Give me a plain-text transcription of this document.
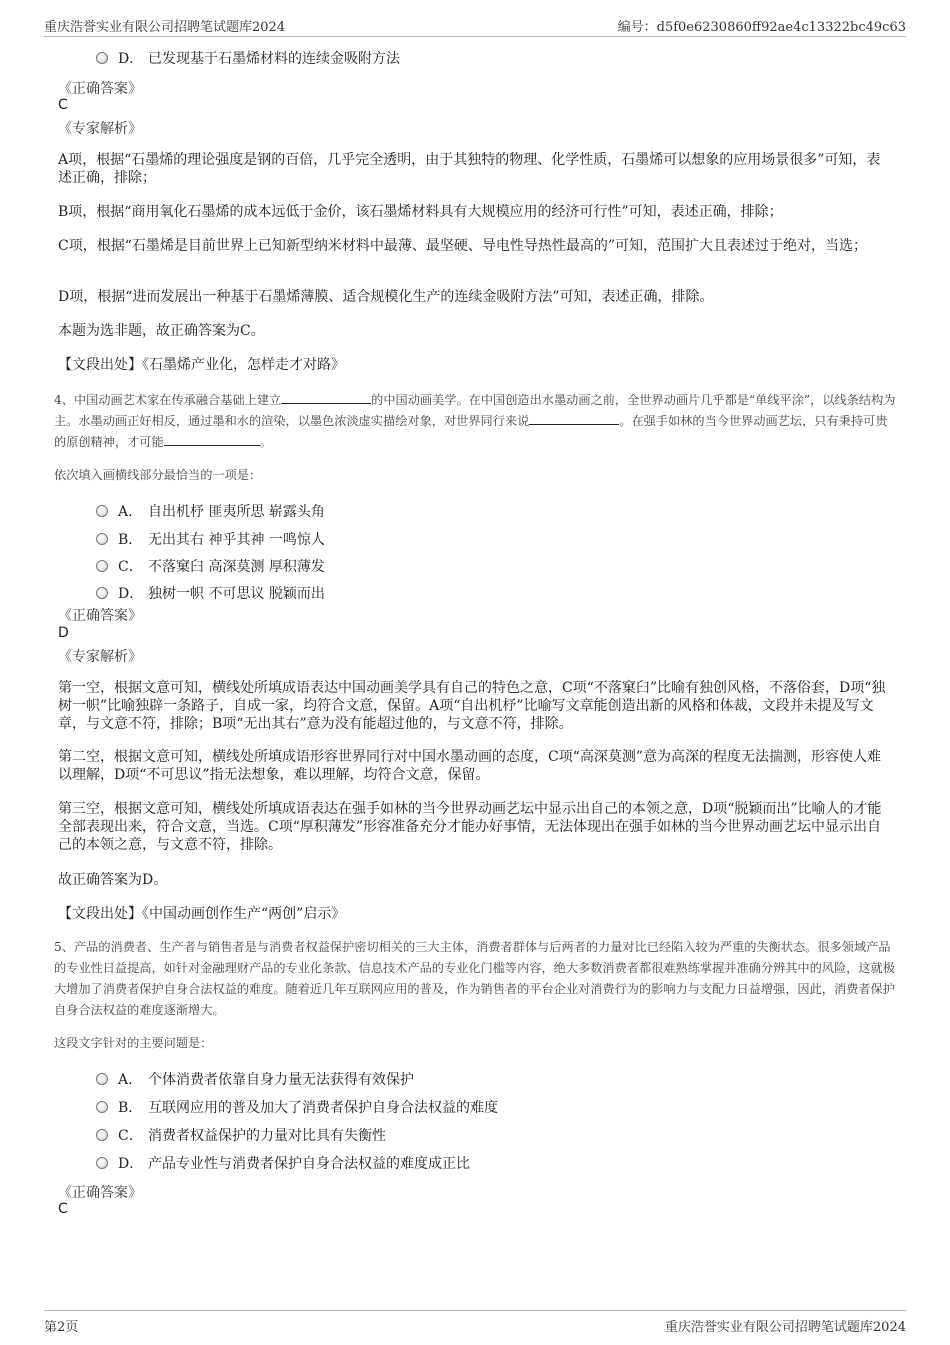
重庆浩誉实业有限公司招聘笔试题库2024	编号：d5f0e6230860ff92ae4c13322bc49c63
D． 已发现基于石墨烯材料的连续金吸附方法
《正确答案》
C
《专家解析》
A项，根据“石墨烯的理论强度是钢的百倍，几乎完全透明，由于其独特的物理、化学性质，石墨烯可以想象的应用场景很多”可知，表述正确，排除；
B项，根据“商用氧化石墨烯的成本远低于金价，该石墨烯材料具有大规模应用的经济可行性”可知，表述正确，排除；
C项，根据“石墨烯是目前世界上已知新型纳米材料中最薄、最坚硬、导电性导热性最高的”可知，范围扩大且表述过于绝对，当选；
D项，根据“进而发展出一种基于石墨烯薄膜、适合规模化生产的连续金吸附方法”可知，表述正确，排除。
本题为选非题，故正确答案为C。
【文段出处】《石墨烯产业化，怎样走才对路》
4、中国动画艺术家在传承融合基础上建立	的中国动画美学。在中国创造出水墨动画之前，全世界动画片几乎都是“单线平涂”，以线条结构为主。水墨动画正好相反，通过墨和水的渲染，以墨色浓淡虚实描绘对象，对世界同行来说	。在强手如林的当今世界动画艺坛，只有秉持可贵的原创精神，才可能	。
依次填入画横线部分最恰当的一项是：
A． 自出机杼 匪夷所思 崭露头角
B． 无出其右 神乎其神 一鸣惊人
C． 不落窠臼 高深莫测 厚积薄发
D． 独树一帜 不可思议 脱颖而出
《正确答案》
D
《专家解析》
第一空，根据文意可知，横线处所填成语表达中国动画美学具有自己的特色之意，C项“不落窠臼”比喻有独创风格，不落俗套，D项“独树一帜”比喻独辟一条路子，自成一家，均符合文意，保留。A项“自出机杼”比喻写文章能创造出新的风格和体裁，文段并未提及写文章，与文意不符，排除；B项“无出其右”意为没有能超过他的，与文意不符，排除。
第二空，根据文意可知，横线处所填成语形容世界同行对中国水墨动画的态度，C项“高深莫测”意为高深的程度无法揣测，形容使人难以理解，D项“不可思议”指无法想象，难以理解，均符合文意，保留。
第三空，根据文意可知，横线处所填成语表达在强手如林的当今世界动画艺坛中显示出自己的本领之意，D项“脱颖而出”比喻人的才能全部表现出来，符合文意，当选。C项“厚积薄发”形容准备充分才能办好事情，无法体现出在强手如林的当今世界动画艺坛中显示出自己的本领之意，与文意不符，排除。
故正确答案为D。
【文段出处】《中国动画创作生产“两创”启示》
5、产品的消费者、生产者与销售者是与消费者权益保护密切相关的三大主体，消费者群体与后两者的力量对比已经陷入较为严重的失衡状态。很多领域产品的专业性日益提高，如针对金融理财产品的专业化条款、信息技术产品的专业化门槛等内容，绝大多数消费者都很难熟练掌握并准确分辨其中的风险，这就极大增加了消费者保护自身合法权益的难度。随着近几年互联网应用的普及，作为销售者的平台企业对消费行为的影响力与支配力日益增强，因此，消费者保护自身合法权益的难度逐渐增大。
这段文字针对的主要问题是：
A． 个体消费者依靠自身力量无法获得有效保护
B． 互联网应用的普及加大了消费者保护自身合法权益的难度
C． 消费者权益保护的力量对比具有失衡性
D． 产品专业性与消费者保护自身合法权益的难度成正比
《正确答案》
C
第2页	重庆浩誉实业有限公司招聘笔试题库2024
